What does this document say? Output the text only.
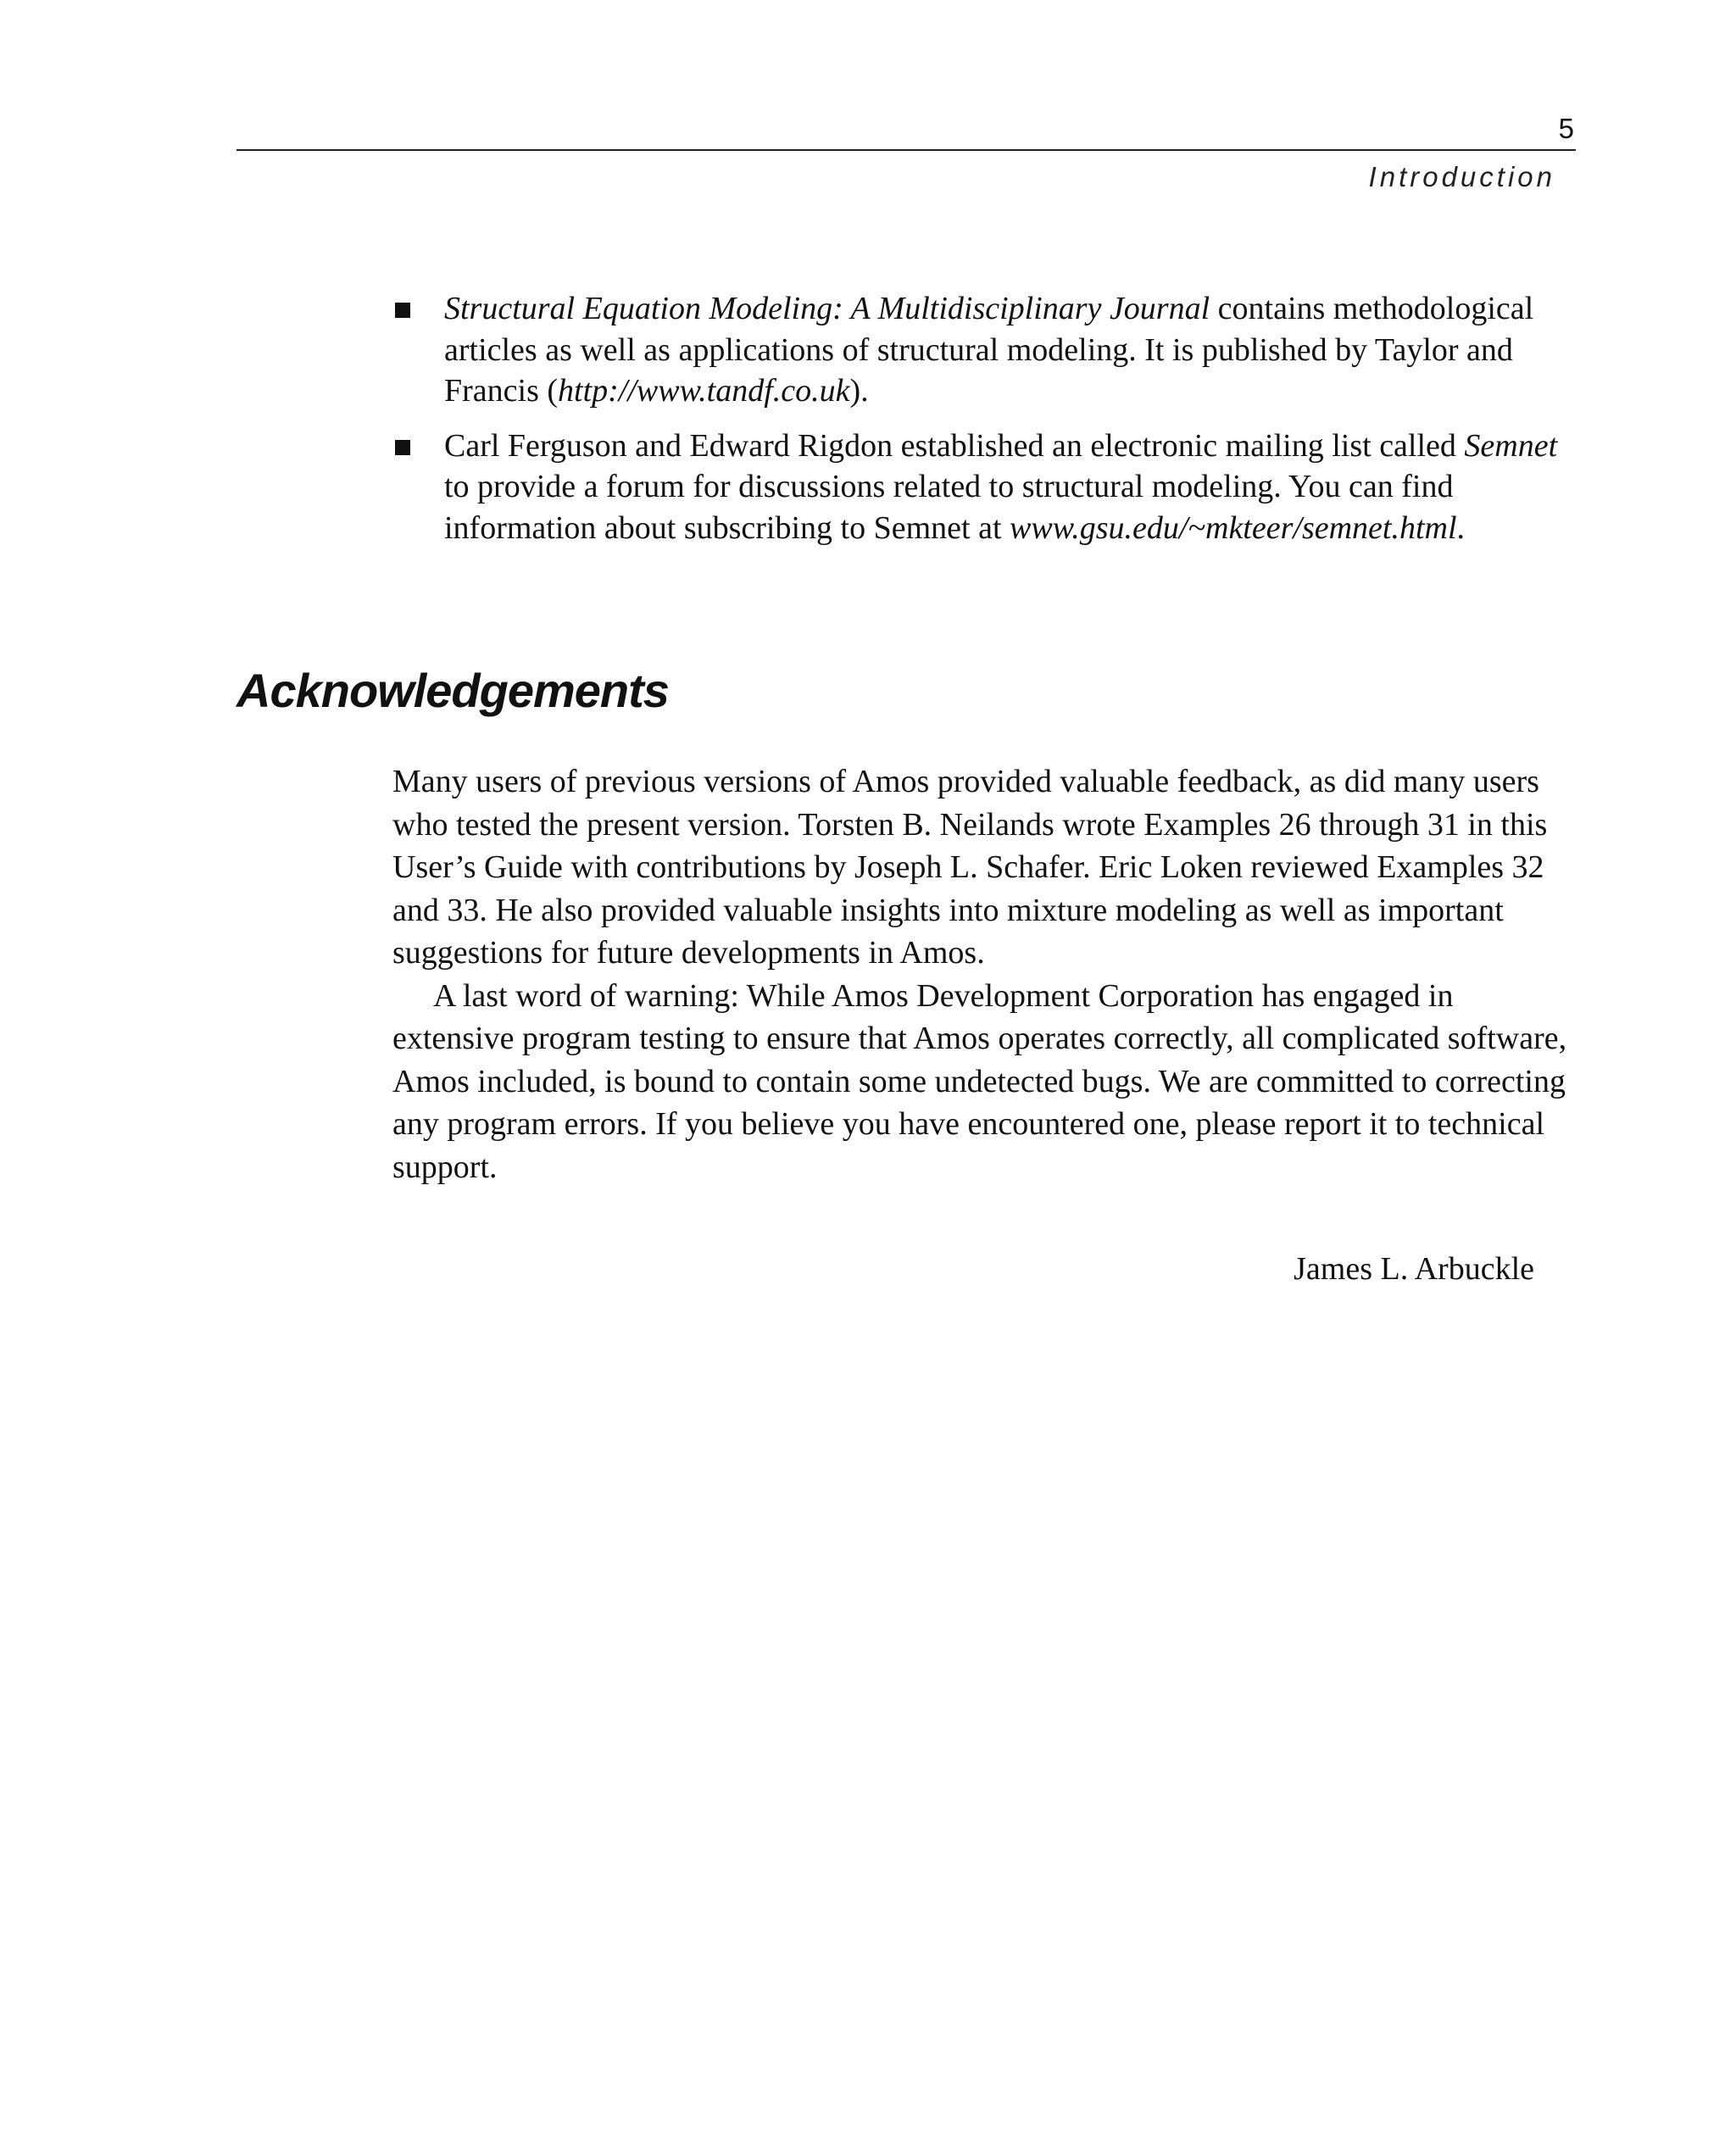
5
Introduction
Structural Equation Modeling: A Multidisciplinary Journal contains methodological articles as well as applications of structural modeling. It is published by Taylor and Francis (http://www.tandf.co.uk).
Carl Ferguson and Edward Rigdon established an electronic mailing list called Semnet to provide a forum for discussions related to structural modeling. You can find information about subscribing to Semnet at www.gsu.edu/~mkteer/semnet.html.
Acknowledgements

Many users of previous versions of Amos provided valuable feedback, as did many users who tested the present version. Torsten B. Neilands wrote Examples 26 through 31 in this User’s Guide with contributions by Joseph L. Schafer. Eric Loken reviewed Examples 32 and 33. He also provided valuable insights into mixture modeling as well as important suggestions for future developments in Amos.

A last word of warning: While Amos Development Corporation has engaged in extensive program testing to ensure that Amos operates correctly, all complicated software, Amos included, is bound to contain some undetected bugs. We are committed to correcting any program errors. If you believe you have encountered one, please report it to technical support.

James L. Arbuckle
